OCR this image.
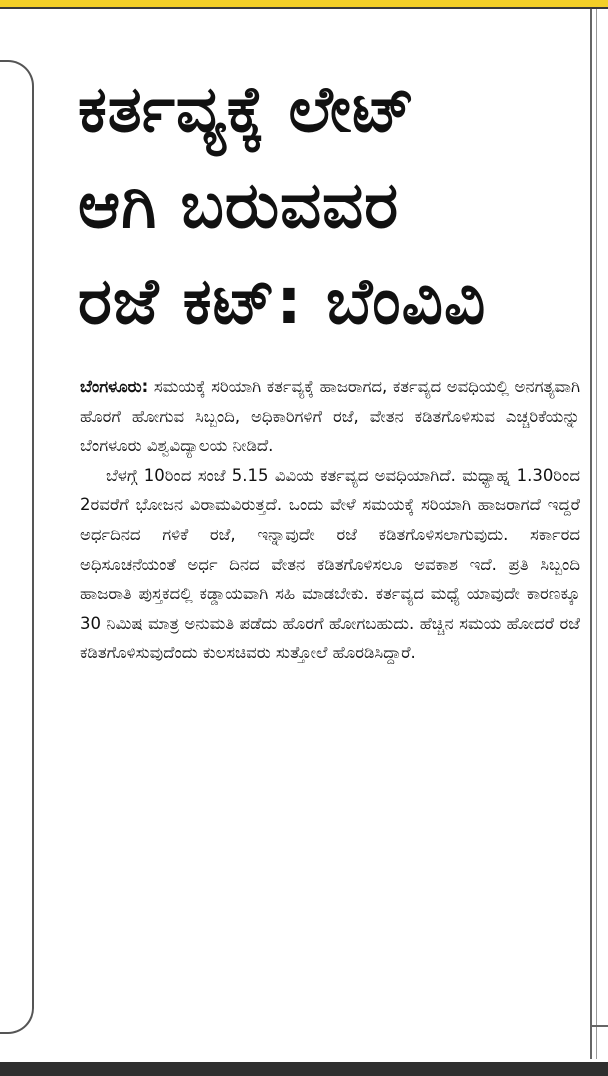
ಕರ್ತವ್ಯಕ್ಕೆ ಲೇಟ್
ಆಗಿ ಬರುವವರ
ರಜೆ ಕಟ್: ಬೆಂವಿವಿ

ಬೆಂಗಳೂರು: ಸಮಯಕ್ಕೆ ಸರಿಯಾಗಿ ಕರ್ತವ್ಯಕ್ಕೆ ಹಾಜರಾಗದ, ಕರ್ತವ್ಯದ ಅವಧಿಯಲ್ಲಿ ಅನಗತ್ಯವಾಗಿ ಹೊರಗೆ ಹೋಗುವ ಸಿಬ್ಬಂದಿ, ಅಧಿಕಾರಿಗಳಿಗೆ ರಜೆ, ವೇತನ ಕಡಿತಗೊಳಿಸುವ ಎಚ್ಚರಿಕೆಯನ್ನು ಬೆಂಗಳೂರು ವಿಶ್ವವಿದ್ಯಾಲಯ ನೀಡಿದೆ.

ಬೆಳಗ್ಗೆ 10ರಿಂದ ಸಂಜೆ 5.15 ವಿವಿಯ ಕರ್ತವ್ಯದ ಅವಧಿಯಾಗಿದೆ. ಮಧ್ಯಾಹ್ನ 1.30ರಿಂದ 2ರವರೆಗೆ ಭೋಜನ ವಿರಾಮವಿರುತ್ತದೆ. ಒಂದು ವೇಳೆ ಸಮಯಕ್ಕೆ ಸರಿಯಾಗಿ ಹಾಜರಾಗದೆ ಇದ್ದರೆ ಅರ್ಧದಿನದ ಗಳಿಕೆ ರಜೆ, ಇನ್ನಾವುದೇ ರಜೆ ಕಡಿತಗೊಳಿಸಲಾಗುವುದು. ಸರ್ಕಾರದ ಅಧಿಸೂಚನೆಯಂತೆ ಅರ್ಧ ದಿನದ ವೇತನ ಕಡಿತಗೊಳಿಸಲೂ ಅವಕಾಶ ಇದೆ. ಪ್ರತಿ ಸಿಬ್ಬಂದಿ ಹಾಜರಾತಿ ಪುಸ್ತಕದಲ್ಲಿ ಕಡ್ಡಾಯವಾಗಿ ಸಹಿ ಮಾಡಬೇಕು. ಕರ್ತವ್ಯದ ಮಧ್ಯೆ ಯಾವುದೇ ಕಾರಣಕ್ಕೂ 30 ನಿಮಿಷ ಮಾತ್ರ ಅನುಮತಿ ಪಡೆದು ಹೊರಗೆ ಹೋಗಬಹುದು. ಹೆಚ್ಚಿನ ಸಮಯ ಹೋದರೆ ರಜೆ ಕಡಿತಗೊಳಿಸುವುದೆಂದು ಕುಲಸಚಿವರು ಸುತ್ತೋಲೆ ಹೊರಡಿಸಿದ್ದಾರೆ.
